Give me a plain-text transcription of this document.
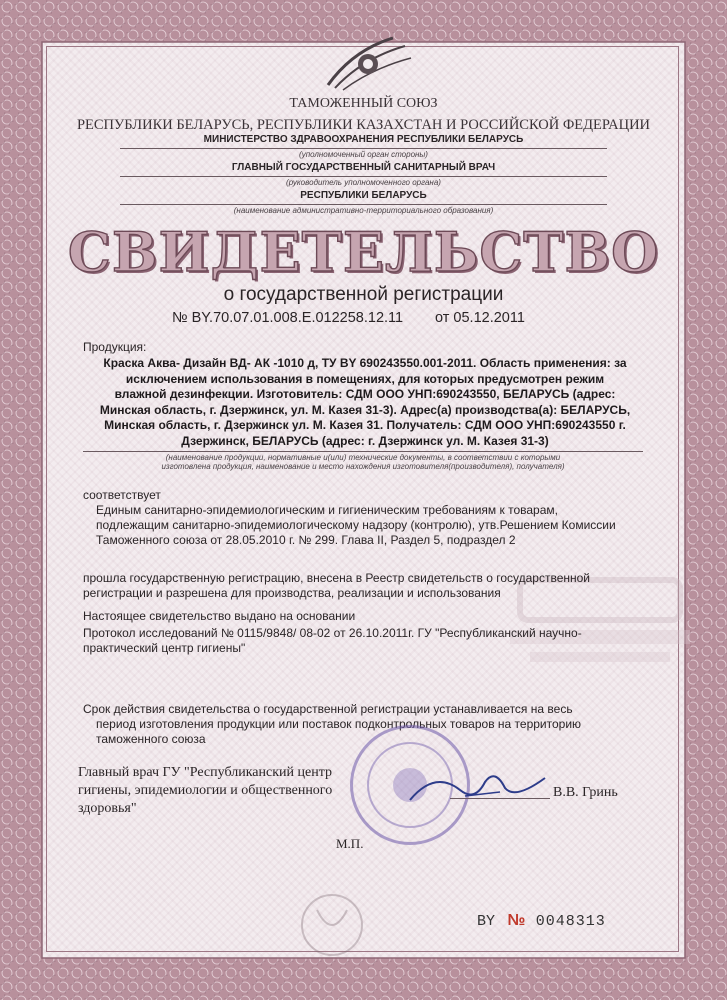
ТАМОЖЕННЫЙ СОЮЗ
РЕСПУБЛИКИ БЕЛАРУСЬ, РЕСПУБЛИКИ КАЗАХСТАН И РОССИЙСКОЙ ФЕДЕРАЦИИ
МИНИСТЕРСТВО ЗДРАВООХРАНЕНИЯ РЕСПУБЛИКИ БЕЛАРУСЬ
(уполномоченный орган стороны)
ГЛАВНЫЙ ГОСУДАРСТВЕННЫЙ САНИТАРНЫЙ ВРАЧ
(руководитель уполномоченного органа)
РЕСПУБЛИКИ БЕЛАРУСЬ
(наименование административно-территориального образования)
СВИДЕТЕЛЬСТВО
о государственной регистрации
№ BY.70.07.01.008.E.012258.12.11 от 05.12.2011
Продукция:
Краска Аква- Дизайн ВД- АК -1010 д, ТУ BY 690243550.001-2011. Область применения: за
исключением использования в помещениях, для которых предусмотрен режим
влажной дезинфекции. Изготовитель: СДМ ООО УНП:690243550, БЕЛАРУСЬ (адрес:
Минская область, г. Дзержинск, ул. М. Казея 31-3). Адрес(а) производства(а): БЕЛАРУСЬ,
Минская область, г. Дзержинск ул. М. Казея 31. Получатель: СДМ ООО УНП:690243550 г.
Дзержинск, БЕЛАРУСЬ (адрес: г. Дзержинск ул. М. Казея 31-3)
(наименование продукции, нормативные и(или) технические документы, в соответствии с которыми
изготовлена продукция, наименование и место нахождения изготовителя(производителя), получателя)
соответствует
Единым санитарно-эпидемиологическим и гигиеническим требованиям к товарам,
подлежащим санитарно-эпидемиологическому надзору (контролю), утв.Решением Комиссии
Таможенного союза от 28.05.2010 г. № 299. Глава II, Раздел 5, подраздел 2
прошла государственную регистрацию, внесена в Реестр свидетельств о государственной
регистрации и разрешена для производства, реализации и использования
Настоящее свидетельство выдано на основании
Протокол исследований № 0115/9848/ 08-02 от 26.10.2011г. ГУ "Республиканский научно-
практический центр гигиены"
Срок действия свидетельства о государственной регистрации устанавливается на весь
период изготовления продукции или поставок подконтрольных товаров на территорию
таможенного союза
Главный врач ГУ "Республиканский центр
гигиены, эпидемиологии и общественного
здоровья"
В.В. Гринь
М.П.
BY № 0048313
